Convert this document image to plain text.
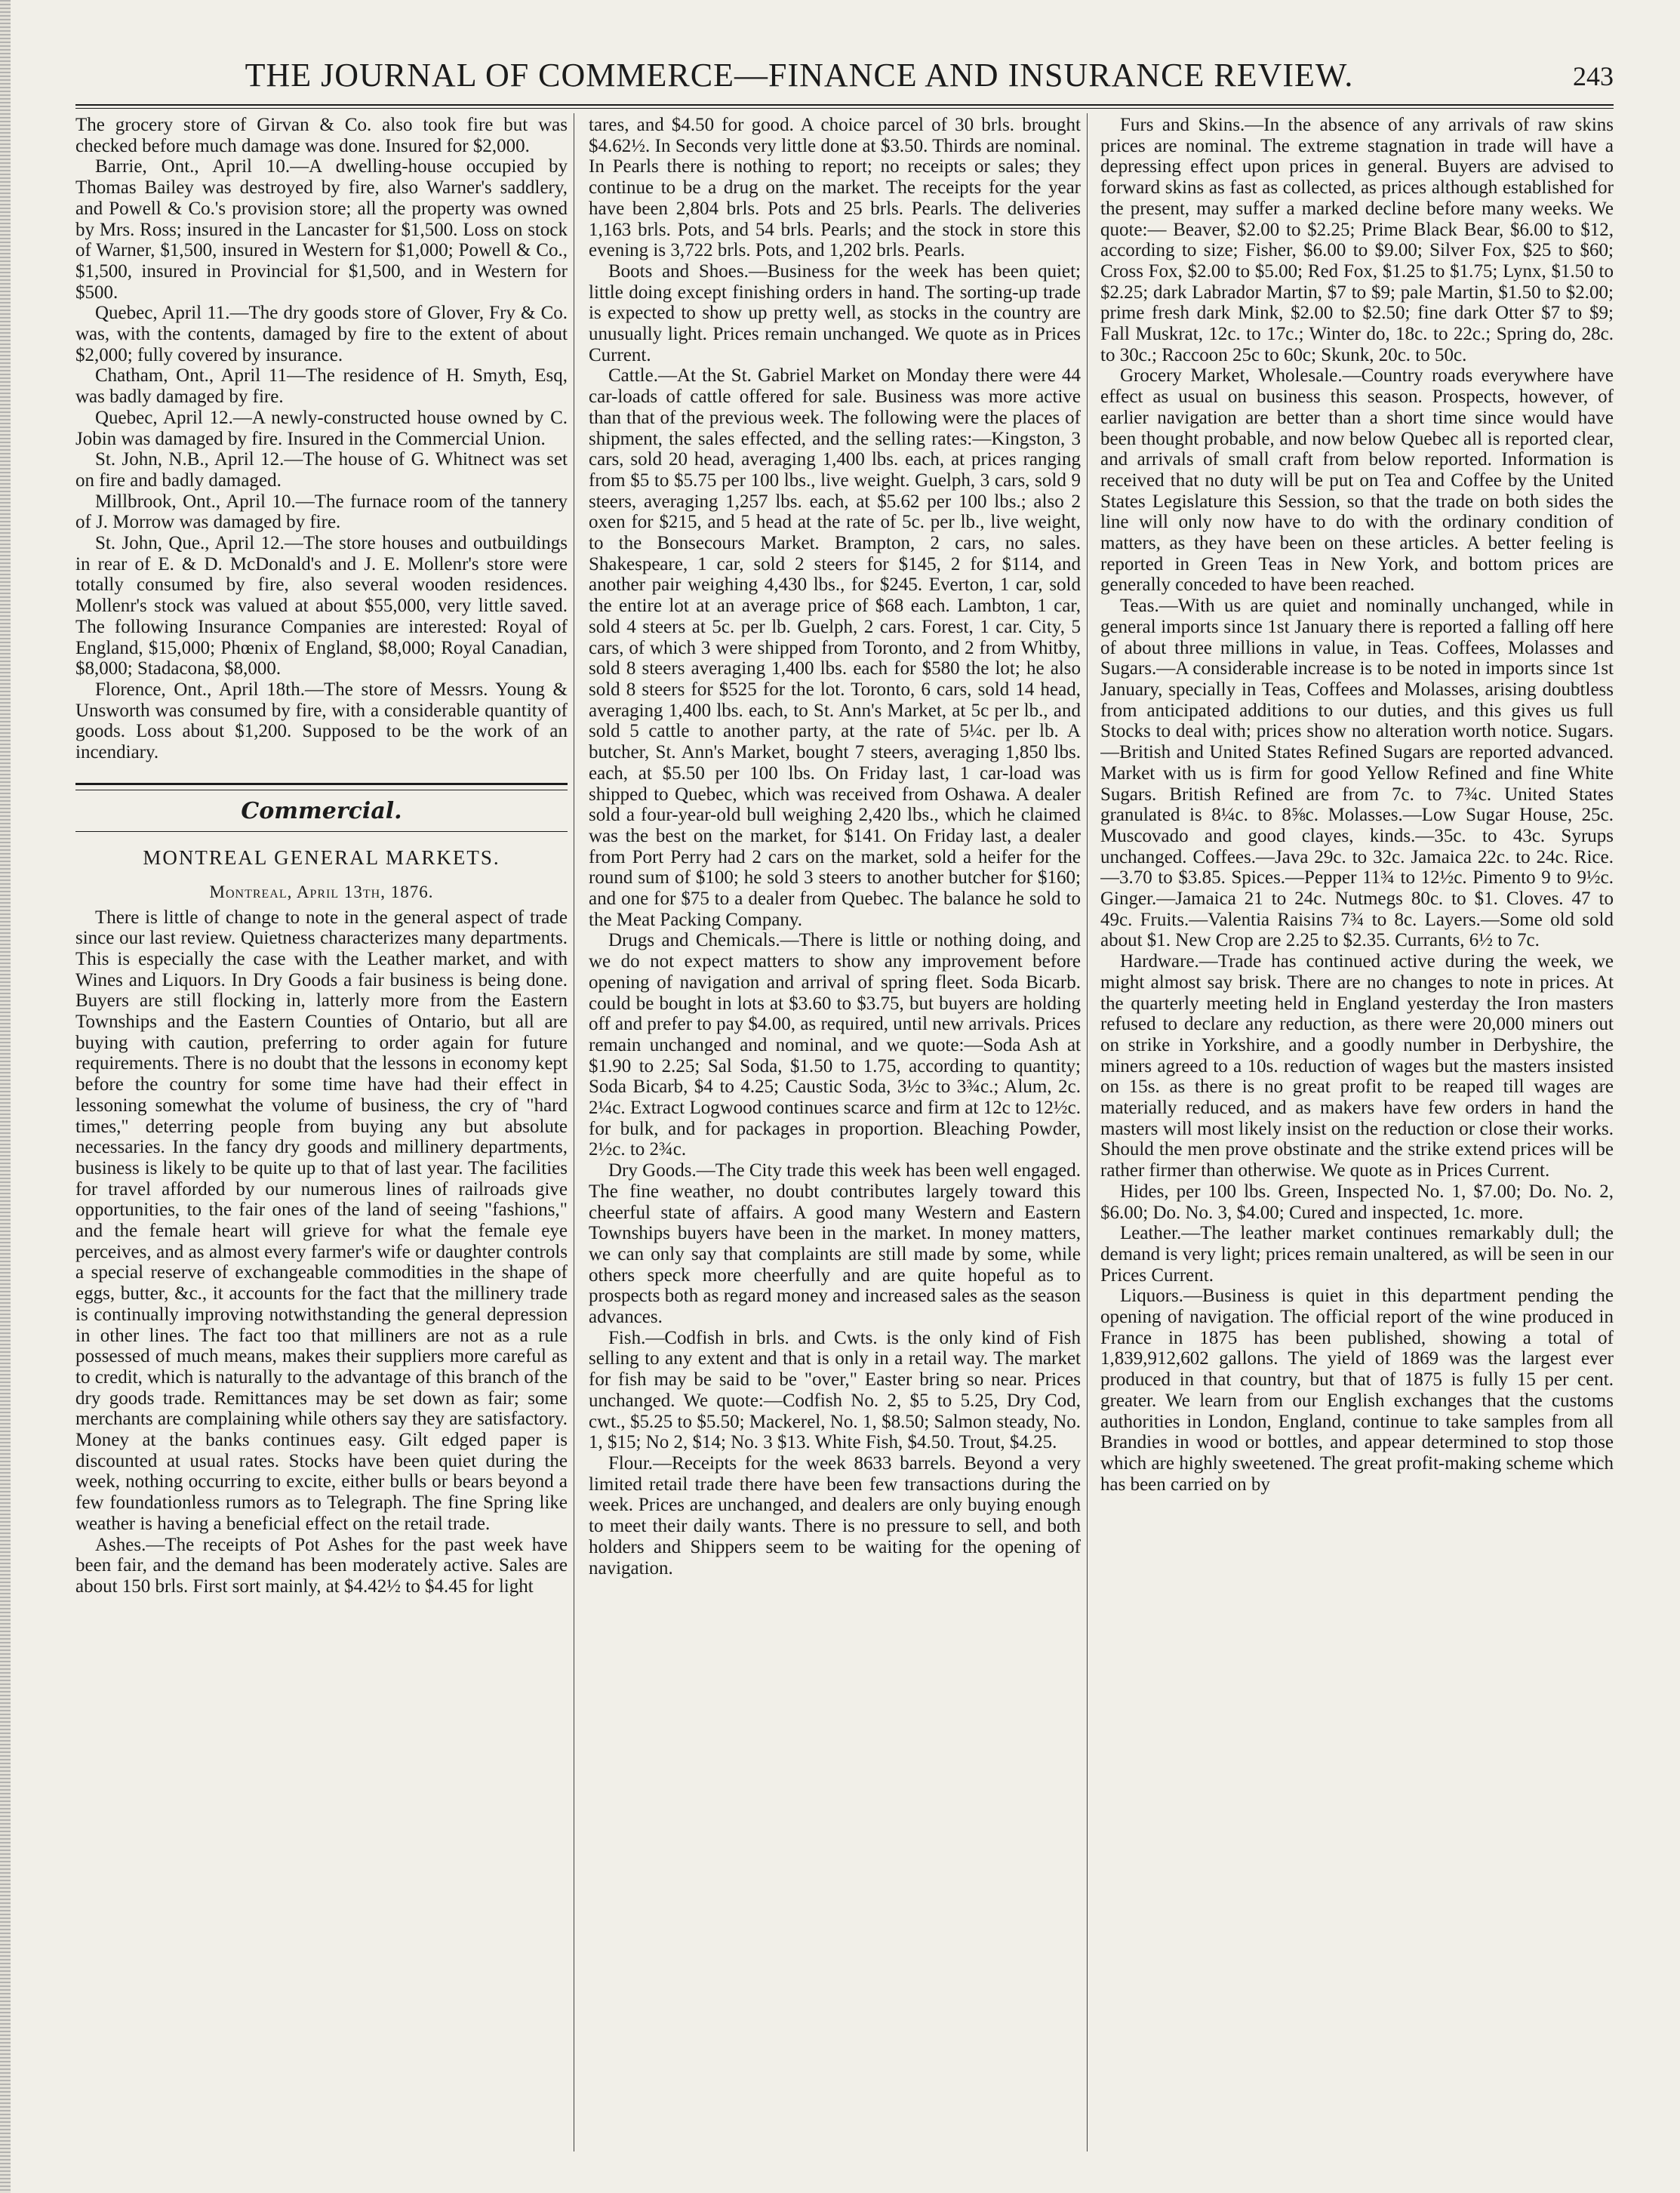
THE JOURNAL OF COMMERCE—FINANCE AND INSURANCE REVIEW.	243

The grocery store of Girvan & Co. also took fire but was checked before much damage was done. Insured for $2,000.

Barrie, Ont., April 10.—A dwelling-house occupied by Thomas Bailey was destroyed by fire, also Warner's saddlery, and Powell & Co.'s provision store; all the property was owned by Mrs. Ross; insured in the Lancaster for $1,500. Loss on stock of Warner, $1,500, insured in Western for $1,000; Powell & Co., $1,500, insured in Provincial for $1,500, and in Western for $500.

Quebec, April 11.—The dry goods store of Glover, Fry & Co. was, with the contents, damaged by fire to the extent of about $2,000; fully covered by insurance.

Chatham, Ont., April 11—The residence of H. Smyth, Esq, was badly damaged by fire.

Quebec, April 12.—A newly-constructed house owned by C. Jobin was damaged by fire. Insured in the Commercial Union.

St. John, N.B., April 12.—The house of G. Whitnect was set on fire and badly damaged.

Millbrook, Ont., April 10.—The furnace room of the tannery of J. Morrow was damaged by fire.

St. John, Que., April 12.—The store houses and outbuildings in rear of E. & D. McDonald's and J. E. Mollenr's store were totally consumed by fire, also several wooden residences. Mollenr's stock was valued at about $55,000, very little saved. The following Insurance Companies are interested: Royal of England, $15,000; Phœnix of England, $8,000; Royal Canadian, $8,000; Stadacona, $8,000.

Florence, Ont., April 18th.—The store of Messrs. Young & Unsworth was consumed by fire, with a considerable quantity of goods. Loss about $1,200. Supposed to be the work of an incendiary.

Commercial.
MONTREAL GENERAL MARKETS.
Montreal, April 13th, 1876.

There is little of change to note in the general aspect of trade since our last review. Quietness characterizes many departments. This is especially the case with the Leather market, and with Wines and Liquors. In Dry Goods a fair business is being done. Buyers are still flocking in, latterly more from the Eastern Townships and the Eastern Counties of Ontario, but all are buying with caution, preferring to order again for future requirements. There is no doubt that the lessons in economy kept before the country for some time have had their effect in lessoning somewhat the volume of business, the cry of "hard times," deterring people from buying any but absolute necessaries. In the fancy dry goods and millinery departments, business is likely to be quite up to that of last year. The facilities for travel afforded by our numerous lines of railroads give opportunities, to the fair ones of the land of seeing "fashions," and the female heart will grieve for what the female eye perceives, and as almost every farmer's wife or daughter controls a special reserve of exchangeable commodities in the shape of eggs, butter, &c., it accounts for the fact that the millinery trade is continually improving notwithstanding the general depression in other lines. The fact too that milliners are not as a rule possessed of much means, makes their suppliers more careful as to credit, which is naturally to the advantage of this branch of the dry goods trade. Remittances may be set down as fair; some merchants are complaining while others say they are satisfactory. Money at the banks continues easy. Gilt edged paper is discounted at usual rates. Stocks have been quiet during the week, nothing occurring to excite, either bulls or bears beyond a few foundationless rumors as to Telegraph. The fine Spring like weather is having a beneficial effect on the retail trade.

Ashes.—The receipts of Pot Ashes for the past week have been fair, and the demand has been moderately active. Sales are about 150 brls. First sort mainly, at $4.42½ to $4.45 for light

tares, and $4.50 for good. A choice parcel of 30 brls. brought $4.62½. In Seconds very little done at $3.50. Thirds are nominal. In Pearls there is nothing to report; no receipts or sales; they continue to be a drug on the market. The receipts for the year have been 2,804 brls. Pots and 25 brls. Pearls. The deliveries 1,163 brls. Pots, and 54 brls. Pearls; and the stock in store this evening is 3,722 brls. Pots, and 1,202 brls. Pearls.

Boots and Shoes.—Business for the week has been quiet; little doing except finishing orders in hand. The sorting-up trade is expected to show up pretty well, as stocks in the country are unusually light. Prices remain unchanged. We quote as in Prices Current.

Cattle.—At the St. Gabriel Market on Monday there were 44 car-loads of cattle offered for sale. Business was more active than that of the previous week. The following were the places of shipment, the sales effected, and the selling rates:—Kingston, 3 cars, sold 20 head, averaging 1,400 lbs. each, at prices ranging from $5 to $5.75 per 100 lbs., live weight. Guelph, 3 cars, sold 9 steers, averaging 1,257 lbs. each, at $5.62 per 100 lbs.; also 2 oxen for $215, and 5 head at the rate of 5c. per lb., live weight, to the Bonsecours Market. Brampton, 2 cars, no sales. Shakespeare, 1 car, sold 2 steers for $145, 2 for $114, and another pair weighing 4,430 lbs., for $245. Everton, 1 car, sold the entire lot at an average price of $68 each. Lambton, 1 car, sold 4 steers at 5c. per lb. Guelph, 2 cars. Forest, 1 car. City, 5 cars, of which 3 were shipped from Toronto, and 2 from Whitby, sold 8 steers averaging 1,400 lbs. each for $580 the lot; he also sold 8 steers for $525 for the lot. Toronto, 6 cars, sold 14 head, averaging 1,400 lbs. each, to St. Ann's Market, at 5c per lb., and sold 5 cattle to another party, at the rate of 5¼c. per lb. A butcher, St. Ann's Market, bought 7 steers, averaging 1,850 lbs. each, at $5.50 per 100 lbs. On Friday last, 1 car-load was shipped to Quebec, which was received from Oshawa. A dealer sold a four-year-old bull weighing 2,420 lbs., which he claimed was the best on the market, for $141. On Friday last, a dealer from Port Perry had 2 cars on the market, sold a heifer for the round sum of $100; he sold 3 steers to another butcher for $160; and one for $75 to a dealer from Quebec. The balance he sold to the Meat Packing Company.

Drugs and Chemicals.—There is little or nothing doing, and we do not expect matters to show any improvement before opening of navigation and arrival of spring fleet. Soda Bicarb. could be bought in lots at $3.60 to $3.75, but buyers are holding off and prefer to pay $4.00, as required, until new arrivals. Prices remain unchanged and nominal, and we quote:—Soda Ash at $1.90 to 2.25; Sal Soda, $1.50 to 1.75, according to quantity; Soda Bicarb, $4 to 4.25; Caustic Soda, 3½c to 3¾c.; Alum, 2c. 2¼c. Extract Logwood continues scarce and firm at 12c to 12½c. for bulk, and for packages in proportion. Bleaching Powder, 2½c. to 2¾c.

Dry Goods.—The City trade this week has been well engaged. The fine weather, no doubt contributes largely toward this cheerful state of affairs. A good many Western and Eastern Townships buyers have been in the market. In money matters, we can only say that complaints are still made by some, while others speck more cheerfully and are quite hopeful as to prospects both as regard money and increased sales as the season advances.

Fish.—Codfish in brls. and Cwts. is the only kind of Fish selling to any extent and that is only in a retail way. The market for fish may be said to be "over," Easter bring so near. Prices unchanged. We quote:—Codfish No. 2, $5 to 5.25, Dry Cod, cwt., $5.25 to $5.50; Mackerel, No. 1, $8.50; Salmon steady, No. 1, $15; No 2, $14; No. 3 $13. White Fish, $4.50. Trout, $4.25.

Flour.—Receipts for the week 8633 barrels. Beyond a very limited retail trade there have been few transactions during the week. Prices are unchanged, and dealers are only buying enough to meet their daily wants. There is no pressure to sell, and both holders and Shippers seem to be waiting for the opening of navigation.

Furs and Skins.—In the absence of any arrivals of raw skins prices are nominal. The extreme stagnation in trade will have a depressing effect upon prices in general. Buyers are advised to forward skins as fast as collected, as prices although established for the present, may suffer a marked decline before many weeks. We quote:— Beaver, $2.00 to $2.25; Prime Black Bear, $6.00 to $12, according to size; Fisher, $6.00 to $9.00; Silver Fox, $25 to $60; Cross Fox, $2.00 to $5.00; Red Fox, $1.25 to $1.75; Lynx, $1.50 to $2.25; dark Labrador Martin, $7 to $9; pale Martin, $1.50 to $2.00; prime fresh dark Mink, $2.00 to $2.50; fine dark Otter $7 to $9; Fall Muskrat, 12c. to 17c.; Winter do, 18c. to 22c.; Spring do, 28c. to 30c.; Raccoon 25c to 60c; Skunk, 20c. to 50c.

Grocery Market, Wholesale.—Country roads everywhere have effect as usual on business this season. Prospects, however, of earlier navigation are better than a short time since would have been thought probable, and now below Quebec all is reported clear, and arrivals of small craft from below reported. Information is received that no duty will be put on Tea and Coffee by the United States Legislature this Session, so that the trade on both sides the line will only now have to do with the ordinary condition of matters, as they have been on these articles. A better feeling is reported in Green Teas in New York, and bottom prices are generally conceded to have been reached.

Teas.—With us are quiet and nominally unchanged, while in general imports since 1st January there is reported a falling off here of about three millions in value, in Teas. Coffees, Molasses and Sugars.—A considerable increase is to be noted in imports since 1st January, specially in Teas, Coffees and Molasses, arising doubtless from anticipated additions to our duties, and this gives us full Stocks to deal with; prices show no alteration worth notice. Sugars.—British and United States Refined Sugars are reported advanced. Market with us is firm for good Yellow Refined and fine White Sugars. British Refined are from 7c. to 7¾c. United States granulated is 8¼c. to 8⅝c. Molasses.—Low Sugar House, 25c. Muscovado and good clayes, kinds.—35c. to 43c. Syrups unchanged. Coffees.—Java 29c. to 32c. Jamaica 22c. to 24c. Rice.—3.70 to $3.85. Spices.—Pepper 11¾ to 12½c. Pimento 9 to 9½c. Ginger.—Jamaica 21 to 24c. Nutmegs 80c. to $1. Cloves. 47 to 49c. Fruits.—Valentia Raisins 7¾ to 8c. Layers.—Some old sold about $1. New Crop are 2.25 to $2.35. Currants, 6½ to 7c.

Hardware.—Trade has continued active during the week, we might almost say brisk. There are no changes to note in prices. At the quarterly meeting held in England yesterday the Iron masters refused to declare any reduction, as there were 20,000 miners out on strike in Yorkshire, and a goodly number in Derbyshire, the miners agreed to a 10s. reduction of wages but the masters insisted on 15s. as there is no great profit to be reaped till wages are materially reduced, and as makers have few orders in hand the masters will most likely insist on the reduction or close their works. Should the men prove obstinate and the strike extend prices will be rather firmer than otherwise. We quote as in Prices Current.

Hides, per 100 lbs. Green, Inspected No. 1, $7.00; Do. No. 2, $6.00; Do. No. 3, $4.00; Cured and inspected, 1c. more.

Leather.—The leather market continues remarkably dull; the demand is very light; prices remain unaltered, as will be seen in our Prices Current.

Liquors.—Business is quiet in this department pending the opening of navigation. The official report of the wine produced in France in 1875 has been published, showing a total of 1,839,912,602 gallons. The yield of 1869 was the largest ever produced in that country, but that of 1875 is fully 15 per cent. greater. We learn from our English exchanges that the customs authorities in London, England, continue to take samples from all Brandies in wood or bottles, and appear determined to stop those which are highly sweetened. The great profit-making scheme which has been carried on by
